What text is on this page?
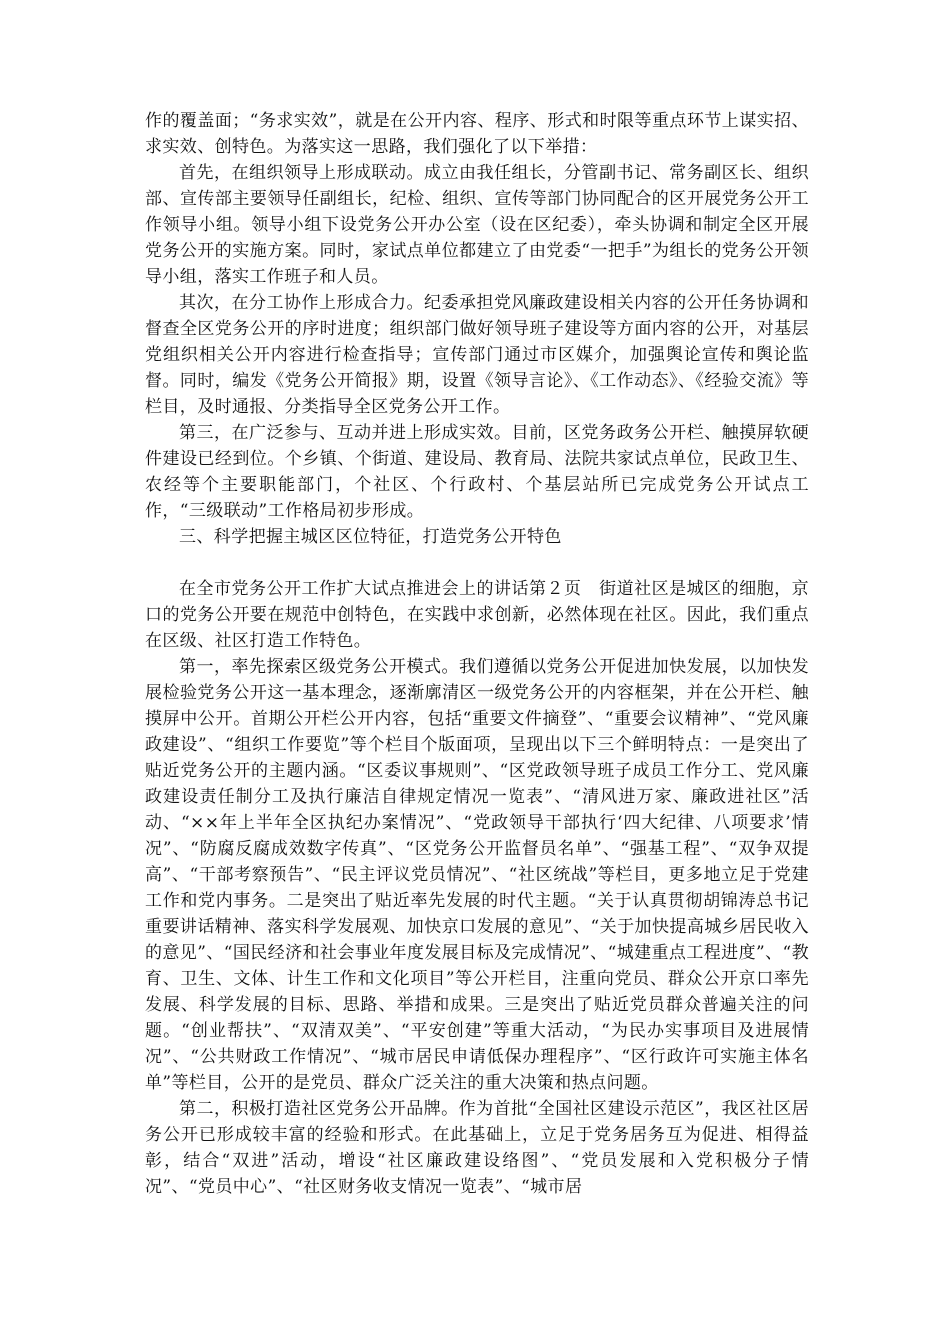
作的覆盖面；“务求实效”，就是在公开内容、程序、形式和时限等重点环节上谋实招、求实效、创特色。为落实这一思路，我们强化了以下举措：

首先，在组织领导上形成联动。成立由我任组长，分管副书记、常务副区长、组织部、宣传部主要领导任副组长，纪检、组织、宣传等部门协同配合的区开展党务公开工作领导小组。领导小组下设党务公开办公室（设在区纪委），牵头协调和制定全区开展党务公开的实施方案。同时，家试点单位都建立了由党委“一把手”为组长的党务公开领导小组，落实工作班子和人员。

其次，在分工协作上形成合力。纪委承担党风廉政建设相关内容的公开任务协调和督查全区党务公开的序时进度；组织部门做好领导班子建设等方面内容的公开，对基层党组织相关公开内容进行检查指导；宣传部门通过市区媒介，加强舆论宣传和舆论监督。同时，编发《党务公开简报》期，设置《领导言论》、《工作动态》、《经验交流》等栏目，及时通报、分类指导全区党务公开工作。

第三，在广泛参与、互动并进上形成实效。目前，区党务政务公开栏、触摸屏软硬件建设已经到位。个乡镇、个街道、建设局、教育局、法院共家试点单位，民政卫生、农经等个主要职能部门，个社区、个行政村、个基层站所已完成党务公开试点工作，“三级联动”工作格局初步形成。

三、科学把握主城区区位特征，打造党务公开特色

在全市党务公开工作扩大试点推进会上的讲话第２页　街道社区是城区的细胞，京口的党务公开要在规范中创特色，在实践中求创新，必然体现在社区。因此，我们重点在区级、社区打造工作特色。

第一，率先探索区级党务公开模式。我们遵循以党务公开促进加快发展，以加快发展检验党务公开这一基本理念，逐渐廓清区一级党务公开的内容框架，并在公开栏、触摸屏中公开。首期公开栏公开内容，包括“重要文件摘登”、“重要会议精神”、“党风廉政建设”、“组织工作要览”等个栏目个版面项，呈现出以下三个鲜明特点：一是突出了贴近党务公开的主题内涵。“区委议事规则”、“区党政领导班子成员工作分工、党风廉政建设责任制分工及执行廉洁自律规定情况一览表”、“清风进万家、廉政进社区”活动、“××年上半年全区执纪办案情况”、“党政领导干部执行‘四大纪律、八项要求’情况”、“防腐反腐成效数字传真”、“区党务公开监督员名单”、“强基工程”、“双争双提高”、“干部考察预告”、“民主评议党员情况”、“社区统战”等栏目，更多地立足于党建工作和党内事务。二是突出了贴近率先发展的时代主题。“关于认真贯彻胡锦涛总书记重要讲话精神、落实科学发展观、加快京口发展的意见”、“关于加快提高城乡居民收入的意见”、“国民经济和社会事业年度发展目标及完成情况”、“城建重点工程进度”、“教育、卫生、文体、计生工作和文化项目”等公开栏目，注重向党员、群众公开京口率先发展、科学发展的目标、思路、举措和成果。三是突出了贴近党员群众普遍关注的问题。“创业帮扶”、“双清双美”、“平安创建”等重大活动，“为民办实事项目及进展情况”、“公共财政工作情况”、“城市居民申请低保办理程序”、“区行政许可实施主体名单”等栏目，公开的是党员、群众广泛关注的重大决策和热点问题。

第二，积极打造社区党务公开品牌。作为首批“全国社区建设示范区”，我区社区居务公开已形成较丰富的经验和形式。在此基础上，立足于党务居务互为促进、相得益彰，结合“双进”活动，增设“社区廉政建设络图”、“党员发展和入党积极分子情况”、“党员中心”、“社区财务收支情况一览表”、“城市居
